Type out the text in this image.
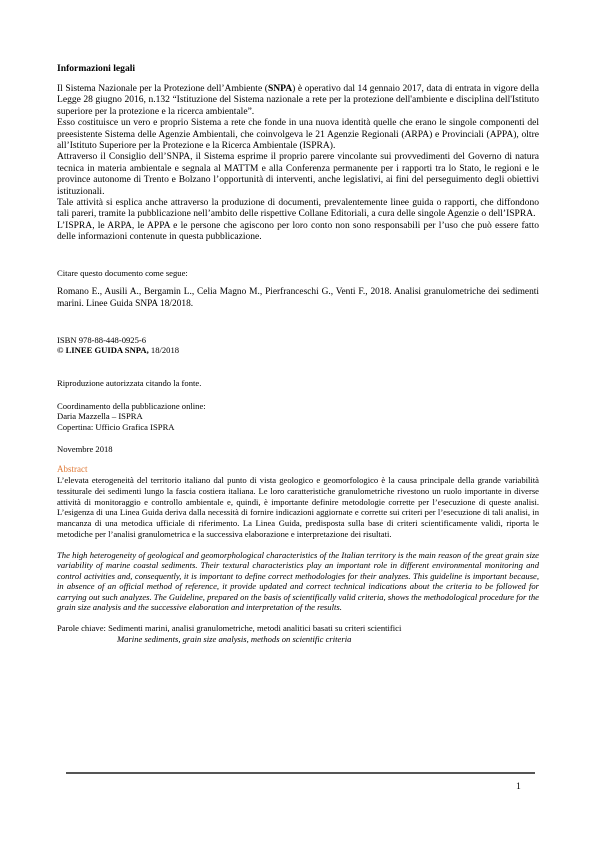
Informazioni legali

Il Sistema Nazionale per la Protezione dell’Ambiente (SNPA) è operativo dal 14 gennaio 2017, data di entrata in vigore della Legge 28 giugno 2016, n.132 “Istituzione del Sistema nazionale a rete per la protezione dell'ambiente e disciplina dell'Istituto superiore per la protezione e la ricerca ambientale”.

Esso costituisce un vero e proprio Sistema a rete che fonde in una nuova identità quelle che erano le singole componenti del preesistente Sistema delle Agenzie Ambientali, che coinvolgeva le 21 Agenzie Regionali (ARPA) e Provinciali (APPA), oltre all’Istituto Superiore per la Protezione e la Ricerca Ambientale (ISPRA).

Attraverso il Consiglio dell’SNPA, il Sistema esprime il proprio parere vincolante sui provvedimenti del Governo di natura tecnica in materia ambientale e segnala al MATTM e alla Conferenza permanente per i rapporti tra lo Stato, le regioni e le province autonome di Trento e Bolzano l’opportunità di interventi, anche legislativi, ai fini del perseguimento degli obiettivi istituzionali.

Tale attività si esplica anche attraverso la produzione di documenti, prevalentemente linee guida o rapporti, che diffondono tali pareri, tramite la pubblicazione nell’ambito delle rispettive Collane Editoriali, a cura delle singole Agenzie o dell’ISPRA.

L’ISPRA, le ARPA, le APPA e le persone che agiscono per loro conto non sono responsabili per l’uso che può essere fatto delle informazioni contenute in questa pubblicazione.

Citare questo documento come segue:
Romano E., Ausili A., Bergamin L., Celia Magno M., Pierfranceschi G., Venti F., 2018. Analisi granulometriche dei sedimenti marini. Linee Guida SNPA 18/2018.
ISBN 978-88-448-0925-6
© LINEE GUIDA SNPA, 18/2018
Riproduzione autorizzata citando la fonte.
Coordinamento della pubblicazione online:
Daria Mazzella – ISPRA
Copertina: Ufficio Grafica ISPRA
Novembre 2018
Abstract

L’elevata eterogeneità del territorio italiano dal punto di vista geologico e geomorfologico è la causa principale della grande variabilità tessiturale dei sedimenti lungo la fascia costiera italiana. Le loro caratteristiche granulometriche rivestono un ruolo importante in diverse attività di monitoraggio e controllo ambientale e, quindi, è importante definire metodologie corrette per l’esecuzione di queste analisi. L’esigenza di una Linea Guida deriva dalla necessità di fornire indicazioni aggiornate e corrette sui criteri per l’esecuzione di tali analisi, in mancanza di una metodica ufficiale di riferimento. La Linea Guida, predisposta sulla base di criteri scientificamente validi, riporta le metodiche per l’analisi granulometrica e la successiva elaborazione e interpretazione dei risultati.

The high heterogeneity of geological and geomorphological characteristics of the Italian territory is the main reason of the great grain size variability of marine coastal sediments. Their textural characteristics play an important role in different environmental monitoring and control activities and, consequently, it is important to define correct methodologies for their analyzes. This guideline is important because, in absence of an official method of reference, it provide updated and correct technical indications about the criteria to be followed for carrying out such analyzes. The Guideline, prepared on the basis of scientifically valid criteria, shows the methodological procedure for the grain size analysis and the successive elaboration and interpretation of the results.

Parole chiave: Sedimenti marini, analisi granulometriche, metodi analitici basati su criteri scientifici
Marine sediments, grain size analysis, methods on scientific criteria
1
